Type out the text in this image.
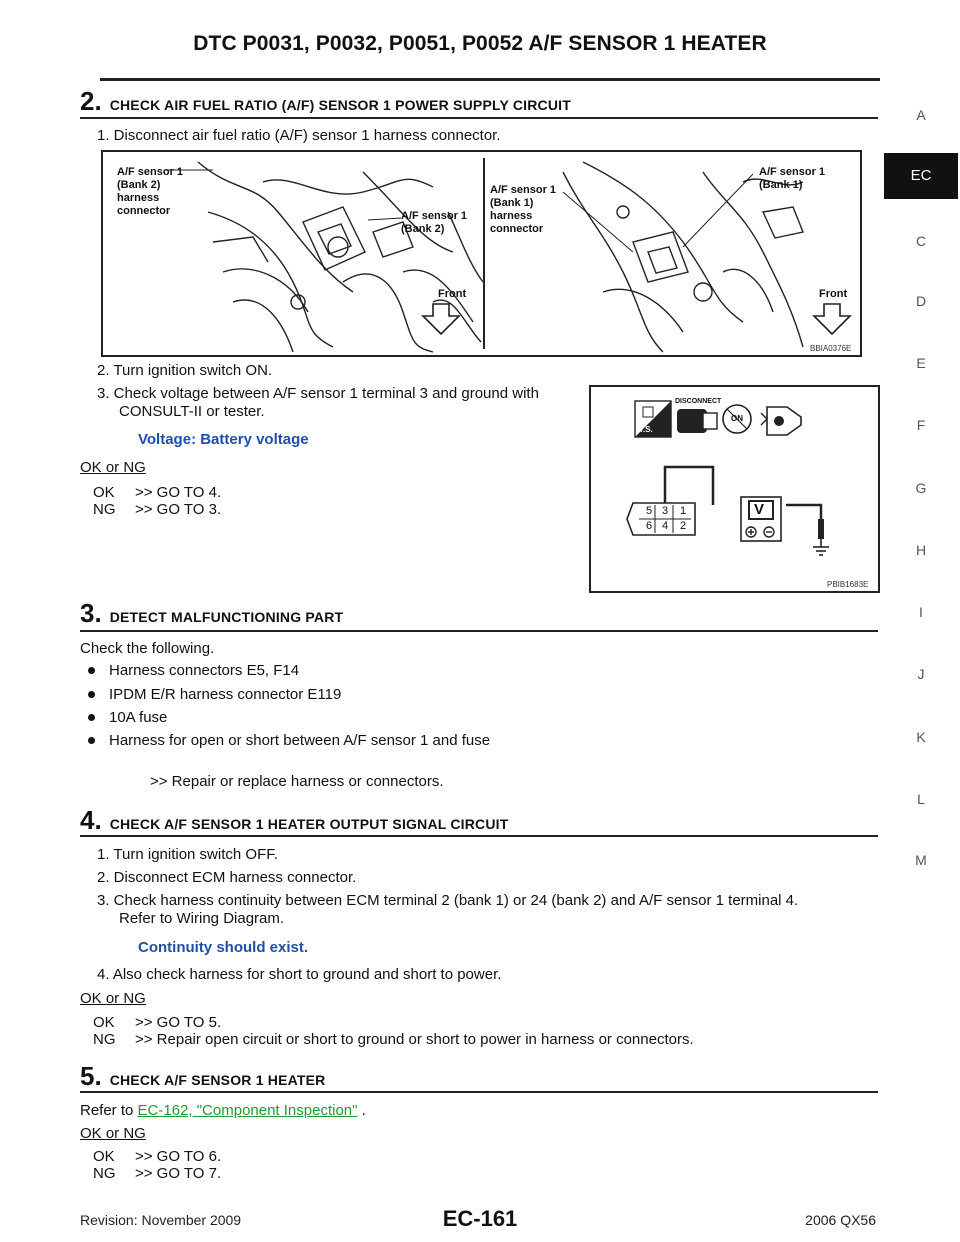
DTC P0031, P0032, P0051, P0052 A/F SENSOR 1 HEATER
A
EC
C
D
E
F
G
H
I
J
K
L
M
2. CHECK AIR FUEL RATIO (A/F) SENSOR 1 POWER SUPPLY CIRCUIT
1. Disconnect air fuel ratio (A/F) sensor 1 harness connector.
A/F sensor 1
(Bank 2)
harness
connector	A/F sensor 1
(Bank 2)
Front
A/F sensor 1
(Bank 1)
harness
connector
A/F sensor 1
(Bank 1)
Front
BBIA0376E
2. Turn ignition switch ON.
3. Check voltage between A/F sensor 1 terminal 3 and ground with
CONSULT-II or tester.
Voltage: Battery voltage
OK or NG
OK >> GO TO 4.
NG >> GO TO 3.
DISCONNECT
T.S.
ON
5 3 1
6 4 2
V
PBIB1683E
3. DETECT MALFUNCTIONING PART
Check the following.
Harness connectors E5, F14
IPDM E/R harness connector E119
10A fuse
Harness for open or short between A/F sensor 1 and fuse
>> Repair or replace harness or connectors.
4. CHECK A/F SENSOR 1 HEATER OUTPUT SIGNAL CIRCUIT
1. Turn ignition switch OFF.
2. Disconnect ECM harness connector.
3. Check harness continuity between ECM terminal 2 (bank 1) or 24 (bank 2) and A/F sensor 1 terminal 4.
Refer to Wiring Diagram.
Continuity should exist.
4. Also check harness for short to ground and short to power.
OK or NG
OK >> GO TO 5.
NG >> Repair open circuit or short to ground or short to power in harness or connectors.
5. CHECK A/F SENSOR 1 HEATER
Refer to EC-162, "Component Inspection" .
OK or NG
OK >> GO TO 6.
NG >> GO TO 7.
Revision: November 2009	EC-161	2006 QX56
